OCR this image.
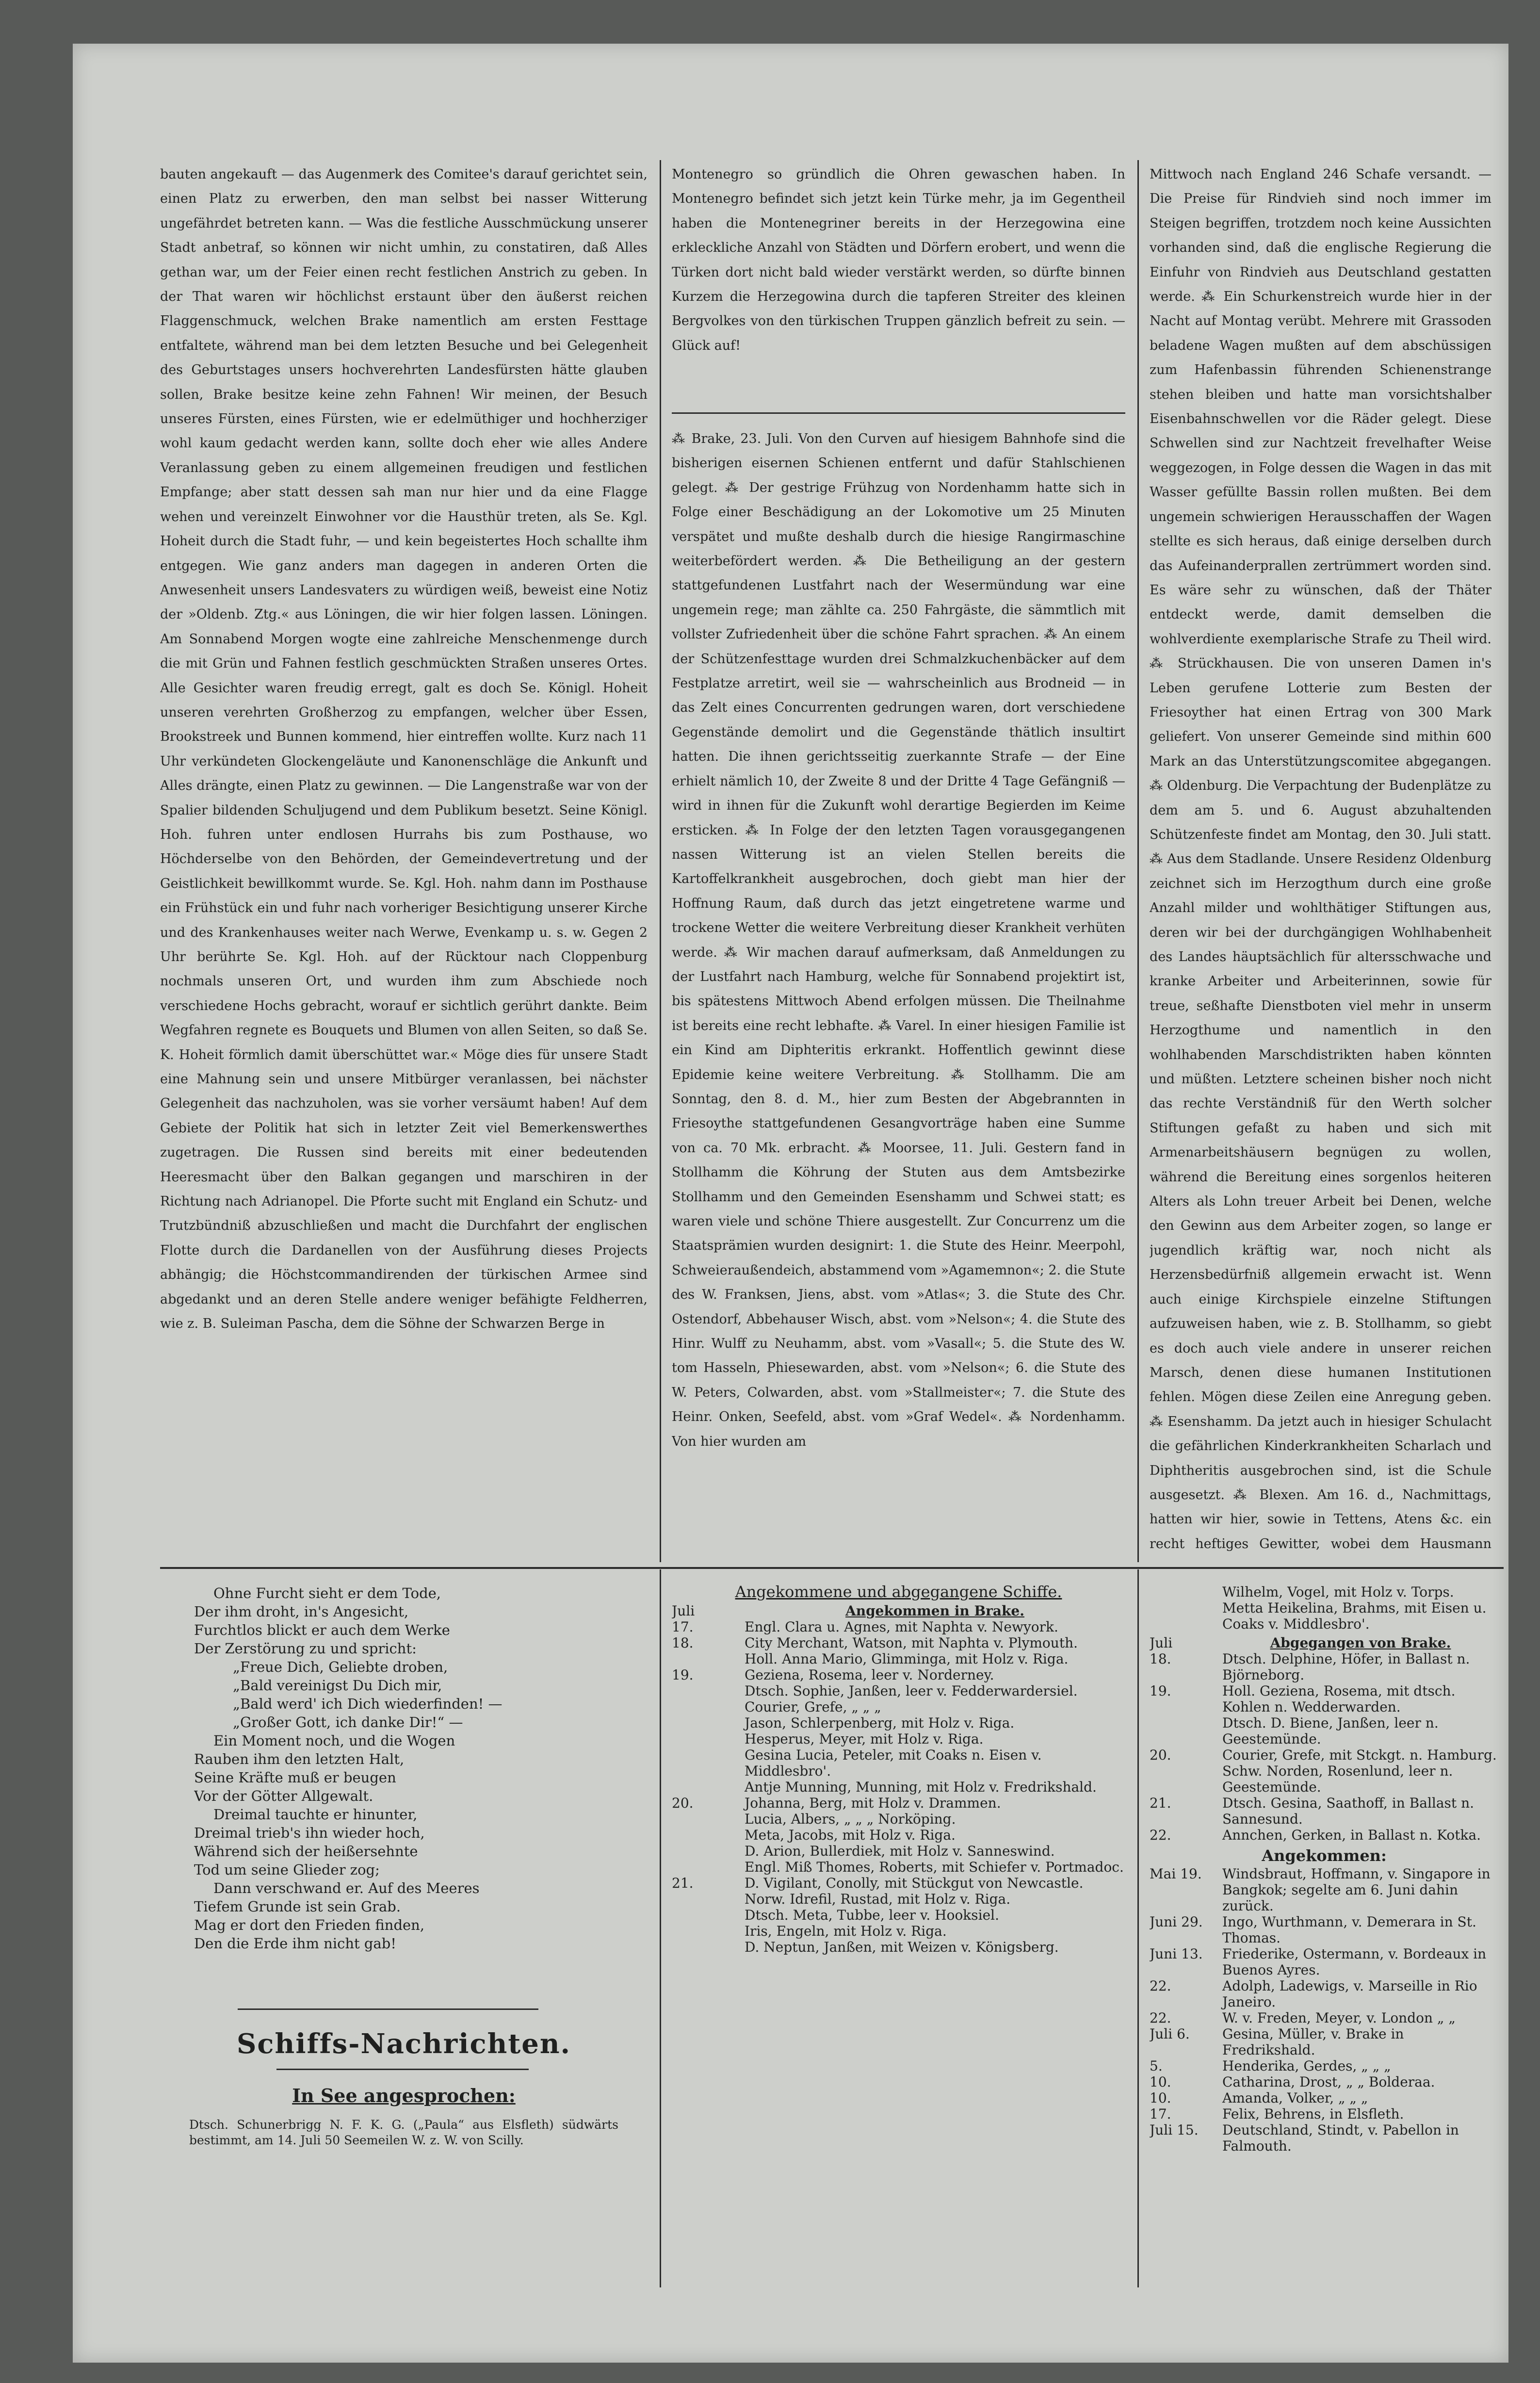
bauten angekauft — das Augenmerk des Comitee's darauf gerichtet sein, einen Platz zu erwerben, den man selbst bei nasser Witterung ungefährdet betreten kann. — Was die festliche Ausschmückung unserer Stadt anbetraf, so können wir nicht umhin, zu constatiren, daß Alles gethan war, um der Feier einen recht festlichen Anstrich zu geben. In der That waren wir höchlichst erstaunt über den äußerst reichen Flaggenschmuck, welchen Brake namentlich am ersten Festtage entfaltete, während man bei dem letzten Besuche und bei Gelegenheit des Geburtstages unsers hochverehrten Landesfürsten hätte glauben sollen, Brake besitze keine zehn Fahnen! Wir meinen, der Besuch unseres Fürsten, eines Fürsten, wie er edelmüthiger und hochherziger wohl kaum gedacht werden kann, sollte doch eher wie alles Andere Veranlassung geben zu einem allgemeinen freudigen und festlichen Empfange; aber statt dessen sah man nur hier und da eine Flagge wehen und vereinzelt Einwohner vor die Hausthür treten, als Se. Kgl. Hoheit durch die Stadt fuhr, — und kein begeistertes Hoch schallte ihm entgegen. Wie ganz anders man dagegen in anderen Orten die Anwesenheit unsers Landesvaters zu würdigen weiß, beweist eine Notiz der »Oldenb. Ztg.« aus Löningen, die wir hier folgen lassen. Löningen. Am Sonnabend Morgen wogte eine zahlreiche Menschenmenge durch die mit Grün und Fahnen festlich geschmückten Straßen unseres Ortes. Alle Gesichter waren freudig erregt, galt es doch Se. Königl. Hoheit unseren verehrten Großherzog zu empfangen, welcher über Essen, Brookstreek und Bunnen kommend, hier eintreffen wollte. Kurz nach 11 Uhr verkündeten Glockengeläute und Kanonenschläge die Ankunft und Alles drängte, einen Platz zu gewinnen. — Die Langenstraße war von der Spalier bildenden Schuljugend und dem Publikum besetzt. Seine Königl. Hoh. fuhren unter endlosen Hurrahs bis zum Posthause, wo Höchderselbe von den Behörden, der Gemeindevertretung und der Geistlichkeit bewillkommt wurde. Se. Kgl. Hoh. nahm dann im Posthause ein Frühstück ein und fuhr nach vorheriger Besichtigung unserer Kirche und des Krankenhauses weiter nach Werwe, Evenkamp u. s. w. Gegen 2 Uhr berührte Se. Kgl. Hoh. auf der Rücktour nach Cloppenburg nochmals unseren Ort, und wurden ihm zum Abschiede noch verschiedene Hochs gebracht, worauf er sichtlich gerührt dankte. Beim Wegfahren regnete es Bouquets und Blumen von allen Seiten, so daß Se. K. Hoheit förmlich damit überschüttet war.« Möge dies für unsere Stadt eine Mahnung sein und unsere Mitbürger veranlassen, bei nächster Gelegenheit das nachzuholen, was sie vorher versäumt haben! Auf dem Gebiete der Politik hat sich in letzter Zeit viel Bemerkenswerthes zugetragen. Die Russen sind bereits mit einer bedeutenden Heeresmacht über den Balkan gegangen und marschiren in der Richtung nach Adrianopel. Die Pforte sucht mit England ein Schutz- und Trutzbündniß abzuschließen und macht die Durchfahrt der englischen Flotte durch die Dardanellen von der Ausführung dieses Projects abhängig; die Höchstcommandirenden der türkischen Armee sind abgedankt und an deren Stelle andere weniger befähigte Feldherren, wie z. B. Suleiman Pascha, dem die Söhne der Schwarzen Berge in

Montenegro so gründlich die Ohren gewaschen haben. In Montenegro befindet sich jetzt kein Türke mehr, ja im Gegentheil haben die Montenegriner bereits in der Herzegowina eine erkleckliche Anzahl von Städten und Dörfern erobert, und wenn die Türken dort nicht bald wieder verstärkt werden, so dürfte binnen Kurzem die Herzegowina durch die tapferen Streiter des kleinen Bergvolkes von den türkischen Truppen gänzlich befreit zu sein. — Glück auf!

⁂ Brake, 23. Juli. Von den Curven auf hiesigem Bahnhofe sind die bisherigen eisernen Schienen entfernt und dafür Stahlschienen gelegt. ⁂ Der gestrige Frühzug von Nordenhamm hatte sich in Folge einer Beschädigung an der Lokomotive um 25 Minuten verspätet und mußte deshalb durch die hiesige Rangirmaschine weiterbefördert werden. ⁂ Die Betheiligung an der gestern stattgefundenen Lustfahrt nach der Wesermündung war eine ungemein rege; man zählte ca. 250 Fahrgäste, die sämmtlich mit vollster Zufriedenheit über die schöne Fahrt sprachen. ⁂ An einem der Schützenfesttage wurden drei Schmalzkuchenbäcker auf dem Festplatze arretirt, weil sie — wahrscheinlich aus Brodneid — in das Zelt eines Concurrenten gedrungen waren, dort verschiedene Gegenstände demolirt und die Gegenstände thätlich insultirt hatten. Die ihnen gerichtsseitig zuerkannte Strafe — der Eine erhielt nämlich 10, der Zweite 8 und der Dritte 4 Tage Gefängniß — wird in ihnen für die Zukunft wohl derartige Begierden im Keime ersticken. ⁂ In Folge der den letzten Tagen vorausgegangenen nassen Witterung ist an vielen Stellen bereits die Kartoffelkrankheit ausgebrochen, doch giebt man hier der Hoffnung Raum, daß durch das jetzt eingetretene warme und trockene Wetter die weitere Verbreitung dieser Krankheit verhüten werde. ⁂ Wir machen darauf aufmerksam, daß Anmeldungen zu der Lustfahrt nach Hamburg, welche für Sonnabend projektirt ist, bis spätestens Mittwoch Abend erfolgen müssen. Die Theilnahme ist bereits eine recht lebhafte. ⁂ Varel. In einer hiesigen Familie ist ein Kind am Diphteritis erkrankt. Hoffentlich gewinnt diese Epidemie keine weitere Verbreitung. ⁂ Stollhamm. Die am Sonntag, den 8. d. M., hier zum Besten der Abgebrannten in Friesoythe stattgefundenen Gesangvorträge haben eine Summe von ca. 70 Mk. erbracht. ⁂ Moorsee, 11. Juli. Gestern fand in Stollhamm die Köhrung der Stuten aus dem Amtsbezirke Stollhamm und den Gemeinden Esenshamm und Schwei statt; es waren viele und schöne Thiere ausgestellt. Zur Concurrenz um die Staatsprämien wurden designirt: 1. die Stute des Heinr. Meerpohl, Schweieraußendeich, abstammend vom »Agamemnon«; 2. die Stute des W. Franksen, Jiens, abst. vom »Atlas«; 3. die Stute des Chr. Ostendorf, Abbehauser Wisch, abst. vom »Nelson«; 4. die Stute des Hinr. Wulff zu Neuhamm, abst. vom »Vasall«; 5. die Stute des W. tom Hasseln, Phiesewarden, abst. vom »Nelson«; 6. die Stute des W. Peters, Colwarden, abst. vom »Stallmeister«; 7. die Stute des Heinr. Onken, Seefeld, abst. vom »Graf Wedel«. ⁂ Nordenhamm. Von hier wurden am

Mittwoch nach England 246 Schafe versandt. — Die Preise für Rindvieh sind noch immer im Steigen begriffen, trotzdem noch keine Aussichten vorhanden sind, daß die englische Regierung die Einfuhr von Rindvieh aus Deutschland gestatten werde. ⁂ Ein Schurkenstreich wurde hier in der Nacht auf Montag verübt. Mehrere mit Grassoden beladene Wagen mußten auf dem abschüssigen zum Hafenbassin führenden Schienenstrange stehen bleiben und hatte man vorsichtshalber Eisenbahnschwellen vor die Räder gelegt. Diese Schwellen sind zur Nachtzeit frevelhafter Weise weggezogen, in Folge dessen die Wagen in das mit Wasser gefüllte Bassin rollen mußten. Bei dem ungemein schwierigen Herausschaffen der Wagen stellte es sich heraus, daß einige derselben durch das Aufeinanderprallen zertrümmert worden sind. Es wäre sehr zu wünschen, daß der Thäter entdeckt werde, damit demselben die wohlverdiente exemplarische Strafe zu Theil wird. ⁂ Strückhausen. Die von unseren Damen in's Leben gerufene Lotterie zum Besten der Friesoyther hat einen Ertrag von 300 Mark geliefert. Von unserer Gemeinde sind mithin 600 Mark an das Unterstützungscomitee abgegangen. ⁂ Oldenburg. Die Verpachtung der Budenplätze zu dem am 5. und 6. August abzuhaltenden Schützenfeste findet am Montag, den 30. Juli statt. ⁂ Aus dem Stadlande. Unsere Residenz Oldenburg zeichnet sich im Herzogthum durch eine große Anzahl milder und wohlthätiger Stiftungen aus, deren wir bei der durchgängigen Wohlhabenheit des Landes häuptsächlich für altersschwache und kranke Arbeiter und Arbeiterinnen, sowie für treue, seßhafte Dienstboten viel mehr in unserm Herzogthume und namentlich in den wohlhabenden Marschdistrikten haben könnten und müßten. Letztere scheinen bisher noch nicht das rechte Verständniß für den Werth solcher Stiftungen gefaßt zu haben und sich mit Armenarbeitshäusern begnügen zu wollen, während die Bereitung eines sorgenlos heiteren Alters als Lohn treuer Arbeit bei Denen, welche den Gewinn aus dem Arbeiter zogen, so lange er jugendlich kräftig war, noch nicht als Herzensbedürfniß allgemein erwacht ist. Wenn auch einige Kirchspiele einzelne Stiftungen aufzuweisen haben, wie z. B. Stollhamm, so giebt es doch auch viele andere in unserer reichen Marsch, denen diese humanen Institutionen fehlen. Mögen diese Zeilen eine Anregung geben. ⁂ Esenshamm. Da jetzt auch in hiesiger Schulacht die gefährlichen Kinderkrankheiten Scharlach und Diphtheritis ausgebrochen sind, ist die Schule ausgesetzt. ⁂ Blexen. Am 16. d., Nachmittags, hatten wir hier, sowie in Tettens, Atens &c. ein recht heftiges Gewitter, wobei dem Hausmann

Ohne Furcht sieht er dem Tode,
Der ihm droht, in's Angesicht,
Furchtlos blickt er auch dem Werke
Der Zerstörung zu und spricht:
„Freue Dich, Geliebte droben,
„Bald vereinigst Du Dich mir,
„Bald werd' ich Dich wiederfinden! —
„Großer Gott, ich danke Dir!“ —
Ein Moment noch, und die Wogen
Rauben ihm den letzten Halt,
Seine Kräfte muß er beugen
Vor der Götter Allgewalt.
Dreimal tauchte er hinunter,
Dreimal trieb's ihn wieder hoch,
Während sich der heißersehnte
Tod um seine Glieder zog;
Dann verschwand er. Auf des Meeres
Tiefem Grunde ist sein Grab.
Mag er dort den Frieden finden,
Den die Erde ihm nicht gab!
Schiffs-Nachrichten.
In See angesprochen:
Dtsch. Schunerbrigg N. F. K. G. („Paula“ aus Elsfleth) südwärts bestimmt, am 14. Juli 50 Seemeilen W. z. W. von Scilly.
Angekommene und abgegangene Schiffe.
Juli	Angekommen in Brake.
17.	Engl. Clara u. Agnes, mit Naphta v. Newyork.
18.	City Merchant, Watson, mit Naphta v. Plymouth.
Holl. Anna Mario, Glimminga, mit Holz v. Riga.
19.	Geziena, Rosema, leer v. Norderney.
Dtsch. Sophie, Janßen, leer v. Fedderwardersiel.
Courier, Grefe, „ „ „
Jason, Schlerpenberg, mit Holz v. Riga.
Hesperus, Meyer, mit Holz v. Riga.
Gesina Lucia, Peteler, mit Coaks n. Eisen v. Middlesbro'.
Antje Munning, Munning, mit Holz v. Fredrikshald.
20.	Johanna, Berg, mit Holz v. Drammen.
Lucia, Albers, „ „ „ Norköping.
Meta, Jacobs, mit Holz v. Riga.
D. Arion, Bullerdiek, mit Holz v. Sanneswind.
Engl. Miß Thomes, Roberts, mit Schiefer v. Portmadoc.
21.	D. Vigilant, Conolly, mit Stückgut von Newcastle.
Norw. Idrefil, Rustad, mit Holz v. Riga.
Dtsch. Meta, Tubbe, leer v. Hooksiel.
Iris, Engeln, mit Holz v. Riga.
D. Neptun, Janßen, mit Weizen v. Königsberg.
Wilhelm, Vogel, mit Holz v. Torps.
Metta Heikelina, Brahms, mit Eisen u. Coaks v. Middlesbro'.
Juli	Abgegangen von Brake.
18.	Dtsch. Delphine, Höfer, in Ballast n. Björneborg.
19.	Holl. Geziena, Rosema, mit dtsch. Kohlen n. Wedderwarden.
Dtsch. D. Biene, Janßen, leer n. Geestemünde.
20.	Courier, Grefe, mit Stckgt. n. Hamburg.
Schw. Norden, Rosenlund, leer n. Geestemünde.
21.	Dtsch. Gesina, Saathoff, in Ballast n. Sannesund.
22.	Annchen, Gerken, in Ballast n. Kotka.
Angekommen:
Mai 19.	Windsbraut, Hoffmann, v. Singapore in Bangkok; segelte am 6. Juni dahin zurück.
Juni 29.	Ingo, Wurthmann, v. Demerara in St. Thomas.
Juni 13.	Friederike, Ostermann, v. Bordeaux in Buenos Ayres.
22.	Adolph, Ladewigs, v. Marseille in Rio Janeiro.
22.	W. v. Freden, Meyer, v. London „ „
Juli 6.	Gesina, Müller, v. Brake in Fredrikshald.
5.	Henderika, Gerdes, „ „ „
10.	Catharina, Drost, „ „ Bolderaa.
10.	Amanda, Volker, „ „ „
17.	Felix, Behrens, in Elsfleth.
Juli 15.	Deutschland, Stindt, v. Pabellon in Falmouth.
